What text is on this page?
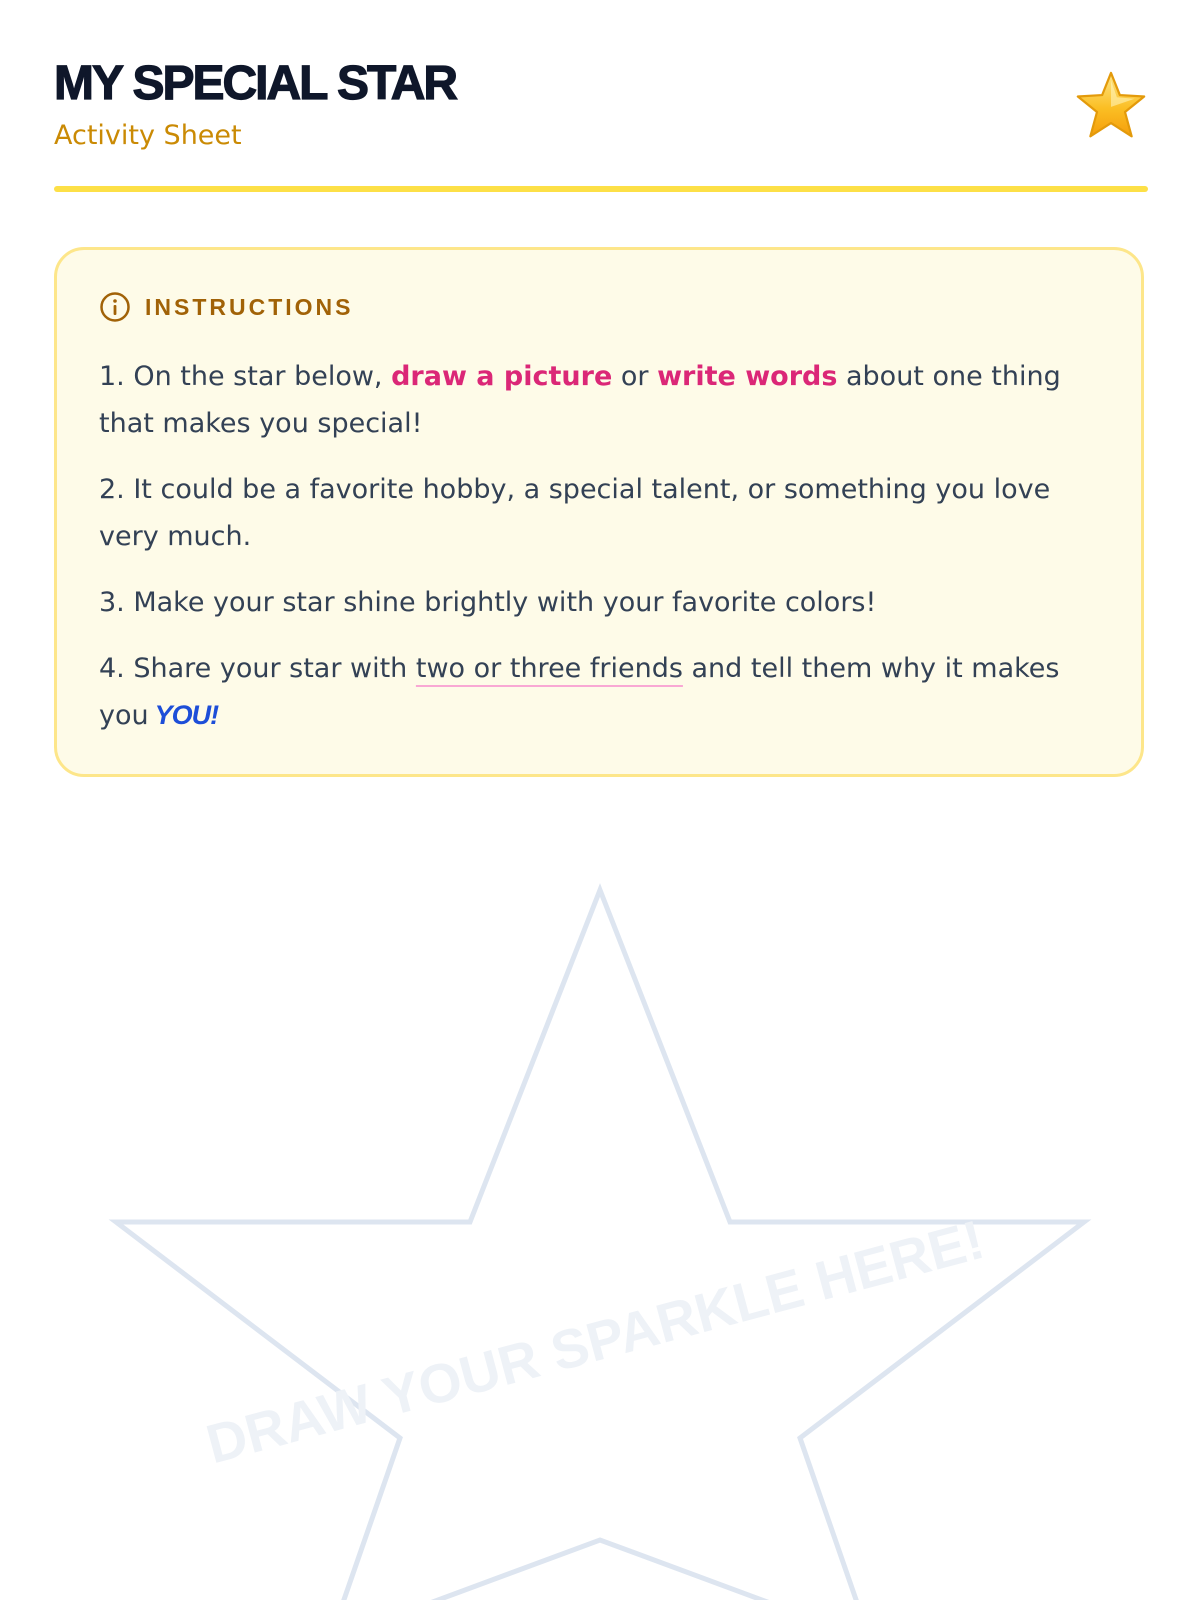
MY SPECIAL STAR
Activity Sheet
INSTRUCTIONS

1. On the star below, draw a picture or write words about one thing that makes you special!

2. It could be a favorite hobby, a special talent, or something you love very much.

3. Make your star shine brightly with your favorite colors!

4. Share your star with two or three friends and tell them why it makes you YOU!

DRAW YOUR SPARKLE HERE!
